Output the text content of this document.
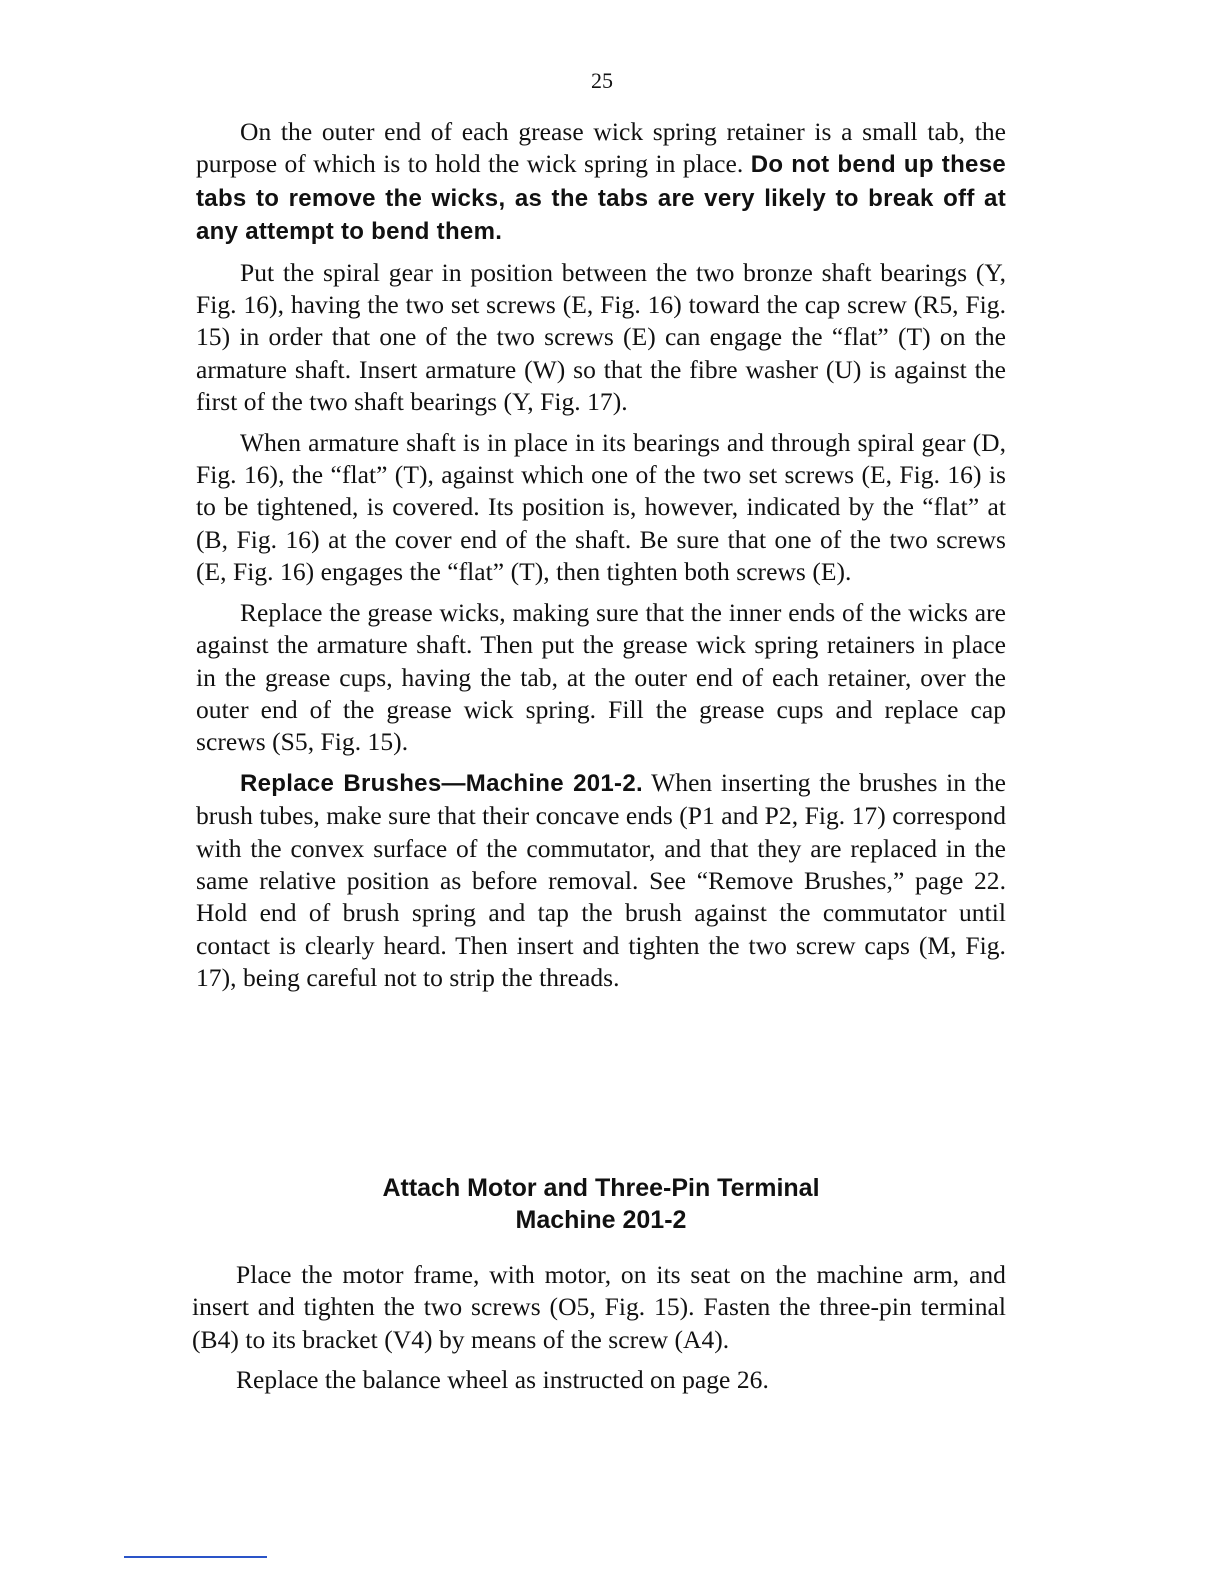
25

On the outer end of each grease wick spring retainer is a small tab, the purpose of which is to hold the wick spring in place. Do not bend up these tabs to remove the wicks, as the tabs are very likely to break off at any attempt to bend them.

Put the spiral gear in position between the two bronze shaft bearings (Y, Fig. 16), having the two set screws (E, Fig. 16) toward the cap screw (R5, Fig. 15) in order that one of the two screws (E) can engage the “flat” (T) on the armature shaft. Insert armature (W) so that the fibre washer (U) is against the first of the two shaft bearings (Y, Fig. 17).

When armature shaft is in place in its bearings and through spiral gear (D, Fig. 16), the “flat” (T), against which one of the two set screws (E, Fig. 16) is to be tightened, is covered. Its position is, however, indicated by the “flat” at (B, Fig. 16) at the cover end of the shaft. Be sure that one of the two screws (E, Fig. 16) engages the “flat” (T), then tighten both screws (E).

Replace the grease wicks, making sure that the inner ends of the wicks are against the armature shaft. Then put the grease wick spring retainers in place in the grease cups, having the tab, at the outer end of each retainer, over the outer end of the grease wick spring. Fill the grease cups and replace cap screws (S5, Fig. 15).

Replace Brushes—Machine 201-2. When inserting the brushes in the brush tubes, make sure that their concave ends (P1 and P2, Fig. 17) correspond with the convex surface of the commutator, and that they are replaced in the same relative position as before removal. See “Remove Brushes,” page 22. Hold end of brush spring and tap the brush against the commutator until contact is clearly heard. Then insert and tighten the two screw caps (M, Fig. 17), being careful not to strip the threads.

Attach Motor and Three-Pin Terminal
Machine 201-2

Place the motor frame, with motor, on its seat on the machine arm, and insert and tighten the two screws (O5, Fig. 15). Fasten the three-pin terminal (B4) to its bracket (V4) by means of the screw (A4).

Replace the balance wheel as instructed on page 26.
